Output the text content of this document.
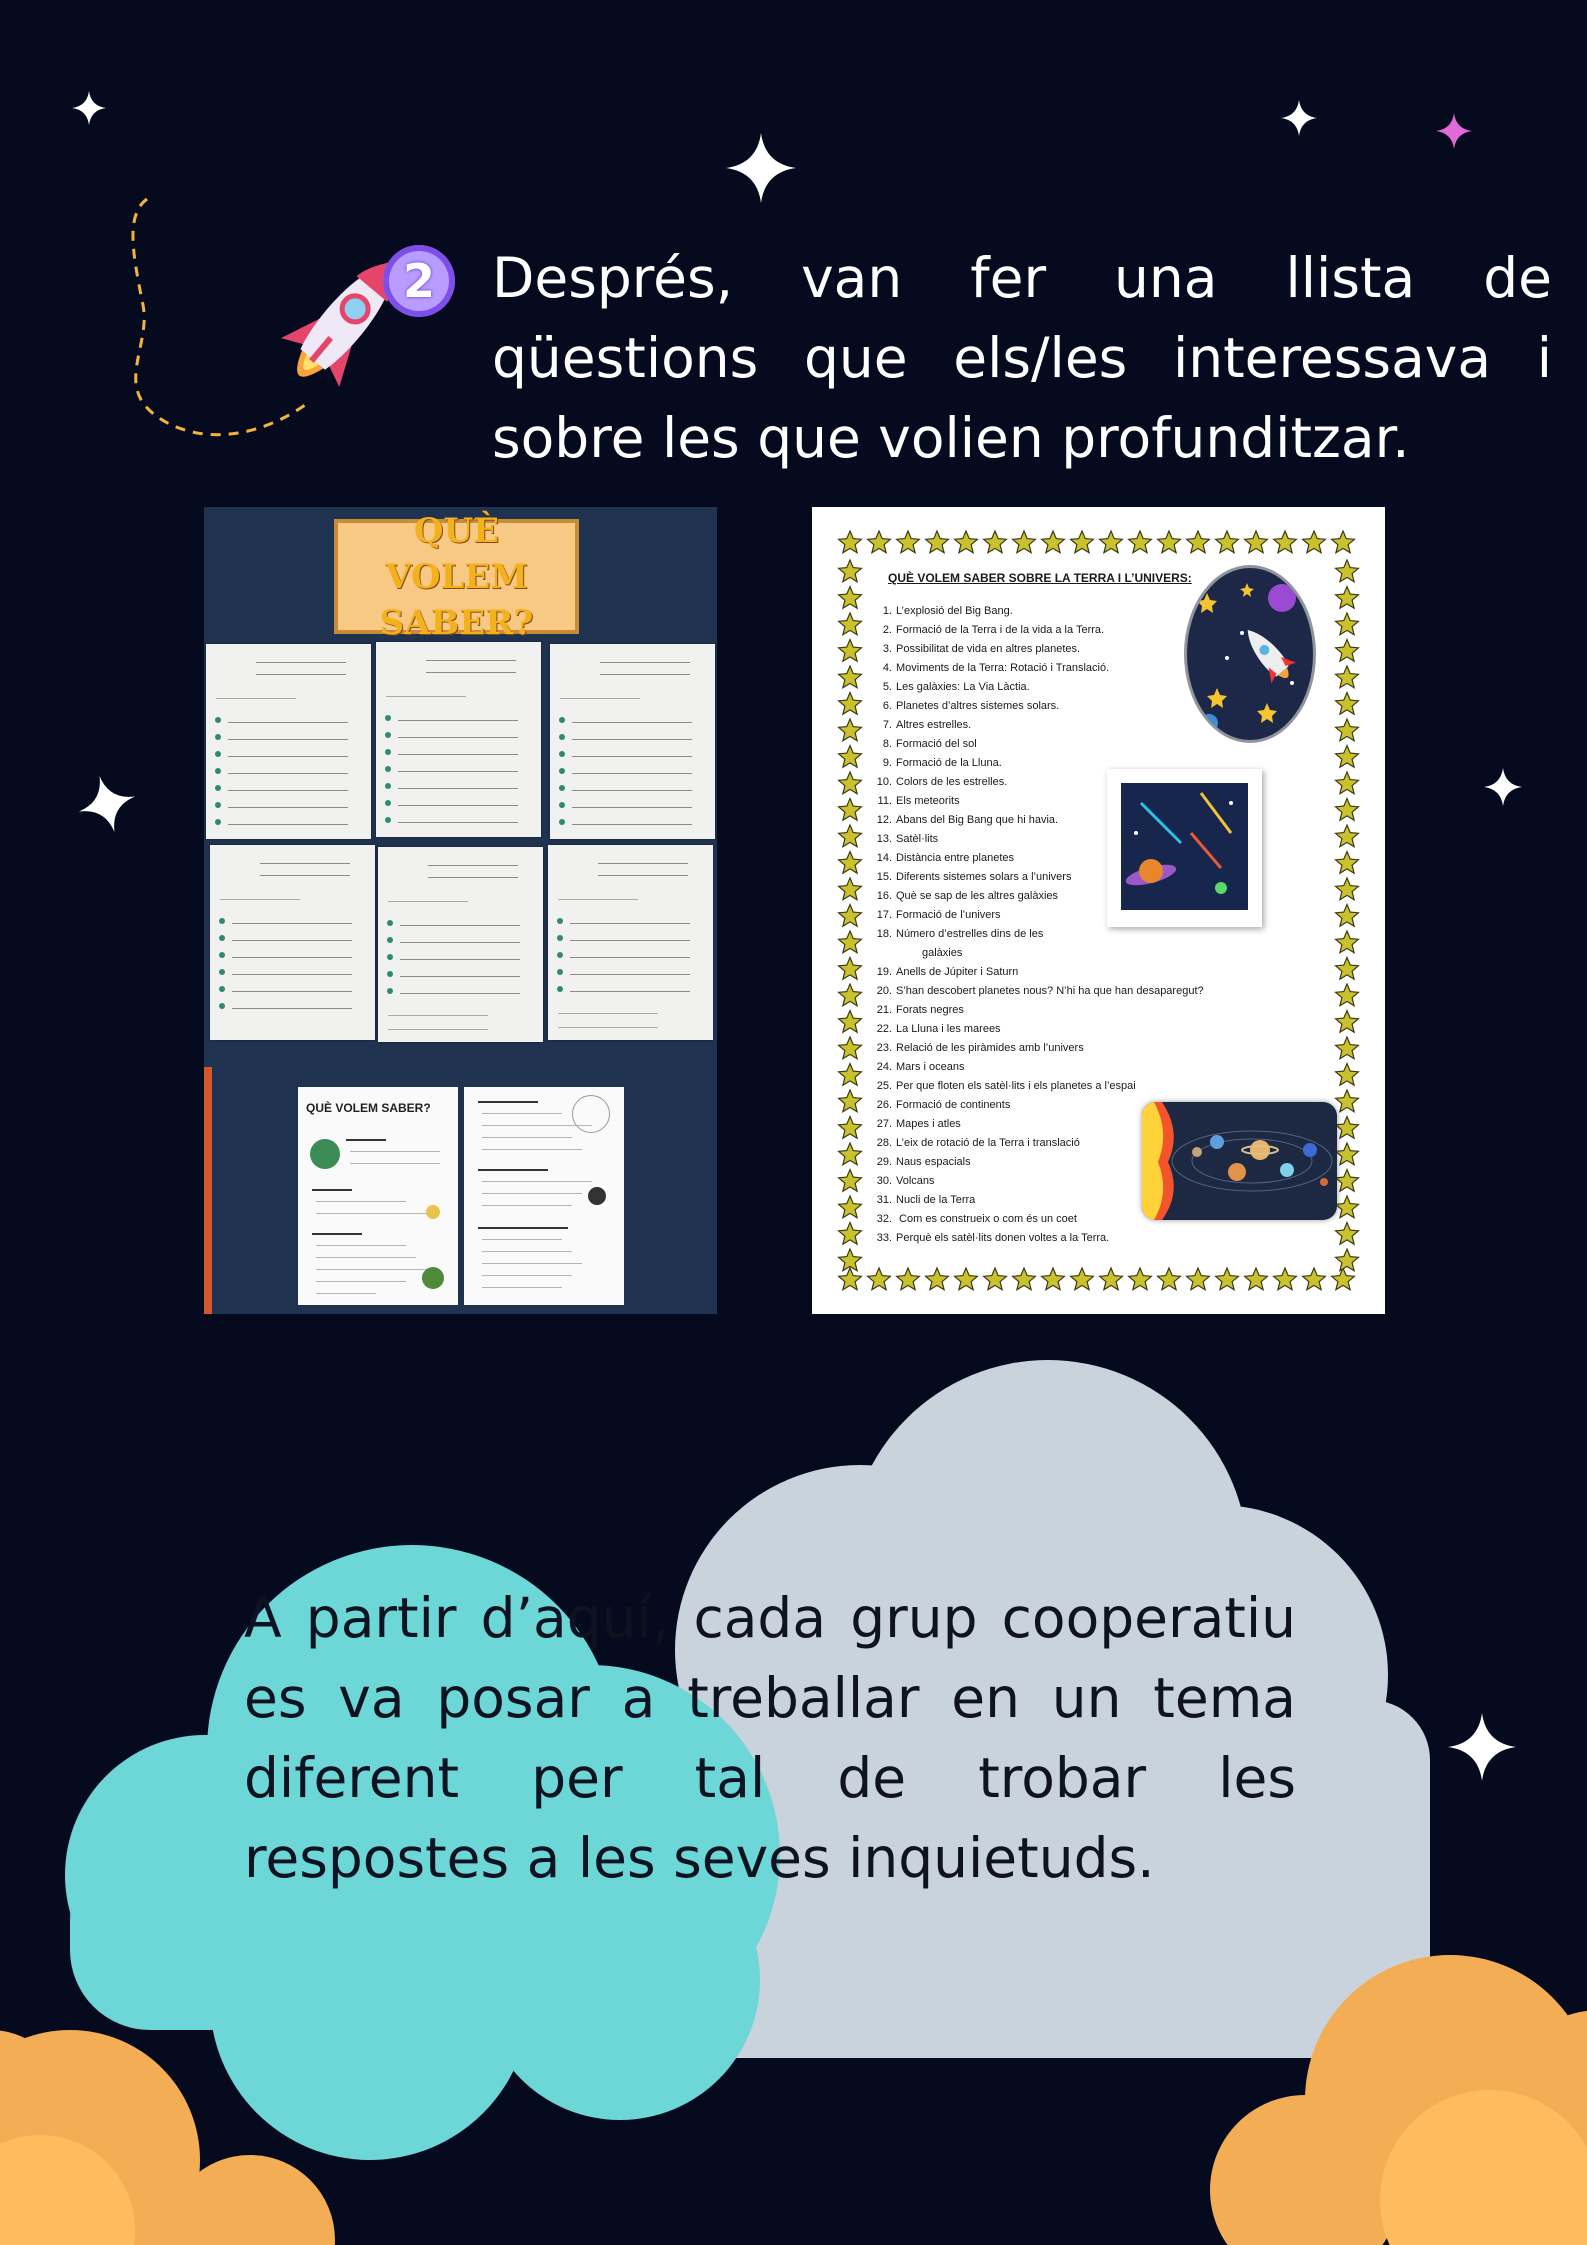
2 Després, van fer una llista de qüestions que els/les interessava i sobre les que volien profunditzar.
QUÈ VOLEM SABER?
QUÈ VOLEM SABER?
QUÈ VOLEM SABER SOBRE LA TERRA I L’UNIVERS:
1. L’explosió del Big Bang.
2. Formació de la Terra i de la vida a la Terra.
3. Possibilitat de vida en altres planetes.
4. Moviments de la Terra: Rotació i Translació.
5. Les galàxies: La Via Làctia.
6. Planetes d’altres sistemes solars.
7. Altres estrelles.
8. Formació del sol
9. Formació de la Lluna.
10. Colors de les estrelles.
11. Els meteorits
12. Abans del Big Bang que hi havia.
13. Satèl·lits
14. Distància entre planetes
15. Diferents sistemes solars a l’univers
16. Què se sap de les altres galàxies
17. Formació de l’univers
18. Número d’estrelles dins de les
galàxies
19. Anells de Júpiter i Saturn
20. S’han descobert planetes nous? N’hi ha que han desaparegut?
21. Forats negres
22. La Lluna i les marees
23. Relació de les piràmides amb l’univers
24. Mars i oceans
25. Per que floten els satèl·lits i els planetes a l’espai
26. Formació de continents
27. Mapes i atles
28. L’eix de rotació de la Terra i translació
29. Naus espacials
30. Volcans
31. Nucli de la Terra
32. Com es construeix o com és un coet
33. Perquè els satèl·lits donen voltes a la Terra.
A partir d’aquí, cada grup cooperatiu es va posar a treballar en un tema diferent per tal de trobar les respostes a les seves inquietuds.
